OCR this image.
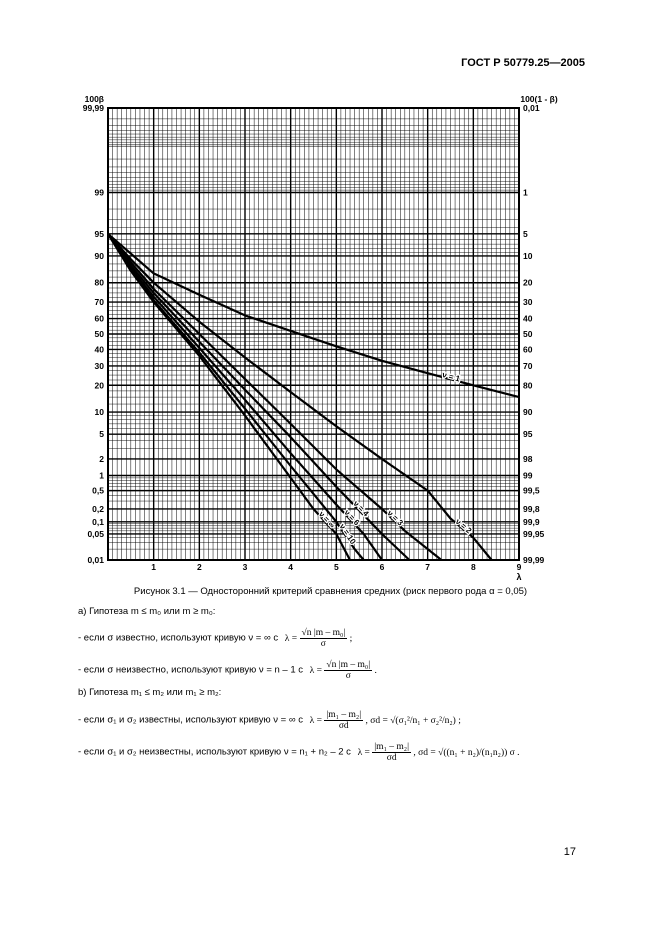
ГОСТ Р 50779.25—2005
99,99	0,01
99	1
95	5
90	10
80	20
70	30
60	40
50	50
40	60
30	70
20	80
10	90
5	95
2	98
1	99
0,5	99,5
0,2	99,8
0,1	99,9
0,05	99,95
0,01	99,99
1	2	3	4	5	6	7	8	9
100β	100(1 - β)
λ
ν = 1
ν = 2
ν = 3
ν = 4
ν = 6
ν = 10
ν = ∞
Рисунок 3.1 — Односторонний критерий сравнения средних (риск первого рода α = 0,05)
а) Гипотеза m ≤ m₀ или m ≥ m₀:
- если σ известно, используют кривую ν = ∞ с $\lambda = \frac{\text{√n |m – m₀|}}{\sigma}$ ;
- если σ неизвестно, используют кривую ν = n – 1 с $\lambda = \frac{\text{√n |m – m₀|}}{\sigma}$ .
b) Гипотеза m₁ ≤ m₂ или m₁ ≥ m₂:
- если σ₁ и σ₂ известны, используют кривую ν = ∞ с $\lambda = \frac{\text{|m₁ – m₂|}}{\sigma d}$ , σd = √(σ₁²/n₁ + σ₂²/n₂) ;
- если σ₁ и σ₂ неизвестны, используют кривую ν = n₁ + n₂ – 2 с $\lambda = \frac{\text{|m₁ – m₂|}}{\sigma d}$ , σd = √((n₁ + n₂)/(n₁n₂)) σ .
17
